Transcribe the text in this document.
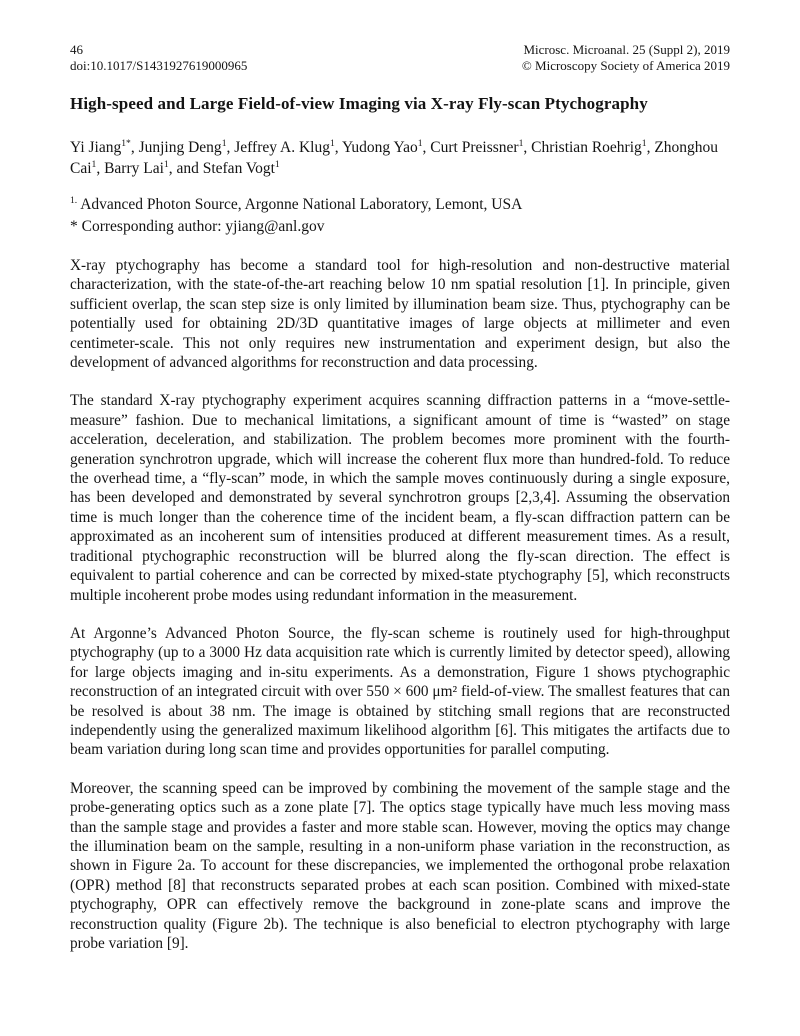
46
doi:10.1017/S1431927619000965
Microsc. Microanal. 25 (Suppl 2), 2019
© Microscopy Society of America 2019
High-speed and Large Field-of-view Imaging via X-ray Fly-scan Ptychography
Yi Jiang$^{1*}$, Junjing Deng$^1$, Jeffrey A. Klug$^1$, Yudong Yao$^1$, Curt Preissner$^1$, Christian Roehrig$^1$, Zhonghou Cai$^1$, Barry Lai$^1$, and Stefan Vogt$^1$
$^{1.}$ Advanced Photon Source, Argonne National Laboratory, Lemont, USA
* Corresponding author: yjiang@anl.gov

X-ray ptychography has become a standard tool for high-resolution and non-destructive material characterization, with the state-of-the-art reaching below 10 nm spatial resolution [1]. In principle, given sufficient overlap, the scan step size is only limited by illumination beam size. Thus, ptychography can be potentially used for obtaining 2D/3D quantitative images of large objects at millimeter and even centimeter-scale. This not only requires new instrumentation and experiment design, but also the development of advanced algorithms for reconstruction and data processing.

The standard X-ray ptychography experiment acquires scanning diffraction patterns in a “move-settle-measure” fashion. Due to mechanical limitations, a significant amount of time is “wasted” on stage acceleration, deceleration, and stabilization. The problem becomes more prominent with the fourth-generation synchrotron upgrade, which will increase the coherent flux more than hundred-fold. To reduce the overhead time, a “fly-scan” mode, in which the sample moves continuously during a single exposure, has been developed and demonstrated by several synchrotron groups [2,3,4]. Assuming the observation time is much longer than the coherence time of the incident beam, a fly-scan diffraction pattern can be approximated as an incoherent sum of intensities produced at different measurement times. As a result, traditional ptychographic reconstruction will be blurred along the fly-scan direction. The effect is equivalent to partial coherence and can be corrected by mixed-state ptychography [5], which reconstructs multiple incoherent probe modes using redundant information in the measurement.

At Argonne’s Advanced Photon Source, the fly-scan scheme is routinely used for high-throughput ptychography (up to a 3000 Hz data acquisition rate which is currently limited by detector speed), allowing for large objects imaging and in-situ experiments. As a demonstration, Figure 1 shows ptychographic reconstruction of an integrated circuit with over 550 × 600 μm² field-of-view. The smallest features that can be resolved is about 38 nm. The image is obtained by stitching small regions that are reconstructed independently using the generalized maximum likelihood algorithm [6]. This mitigates the artifacts due to beam variation during long scan time and provides opportunities for parallel computing.

Moreover, the scanning speed can be improved by combining the movement of the sample stage and the probe-generating optics such as a zone plate [7]. The optics stage typically have much less moving mass than the sample stage and provides a faster and more stable scan. However, moving the optics may change the illumination beam on the sample, resulting in a non-uniform phase variation in the reconstruction, as shown in Figure 2a. To account for these discrepancies, we implemented the orthogonal probe relaxation (OPR) method [8] that reconstructs separated probes at each scan position. Combined with mixed-state ptychography, OPR can effectively remove the background in zone-plate scans and improve the reconstruction quality (Figure 2b). The technique is also beneficial to electron ptychography with large probe variation [9].
